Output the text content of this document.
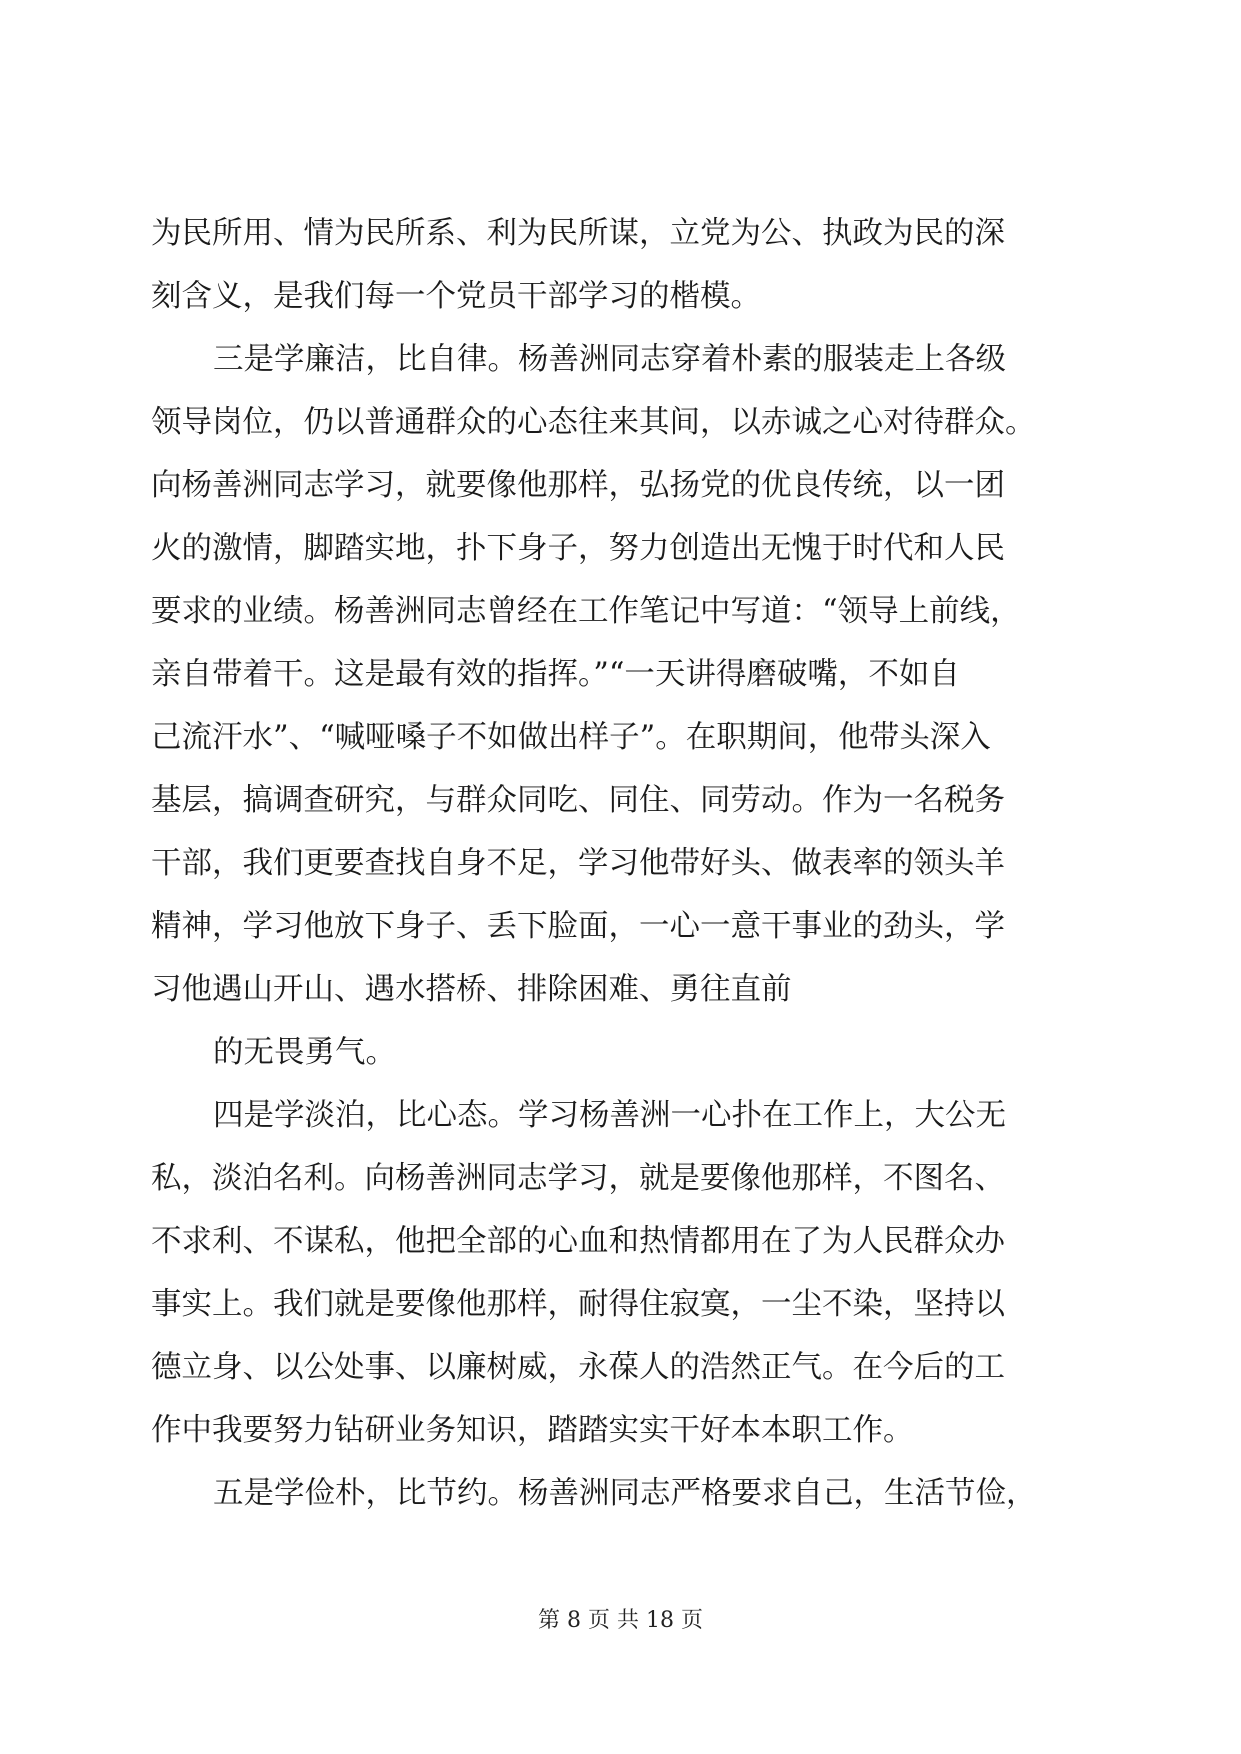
为民所用、情为民所系、利为民所谋，立党为公、执政为民的深
刻含义，是我们每一个党员干部学习的楷模。
三是学廉洁，比自律。杨善洲同志穿着朴素的服装走上各级
领导岗位，仍以普通群众的心态往来其间，以赤诚之心对待群众。
向杨善洲同志学习，就要像他那样，弘扬党的优良传统，以一团
火的激情，脚踏实地，扑下身子，努力创造出无愧于时代和人民
要求的业绩。杨善洲同志曾经在工作笔记中写道：“领导上前线，
亲自带着干。这是最有效的指挥。”“一天讲得磨破嘴，不如自
己流汗水”、“喊哑嗓子不如做出样子”。在职期间，他带头深入
基层，搞调查研究，与群众同吃、同住、同劳动。作为一名税务
干部，我们更要查找自身不足，学习他带好头、做表率的领头羊
精神，学习他放下身子、丢下脸面，一心一意干事业的劲头，学
习他遇山开山、遇水搭桥、排除困难、勇往直前
的无畏勇气。
四是学淡泊，比心态。学习杨善洲一心扑在工作上，大公无
私，淡泊名利。向杨善洲同志学习，就是要像他那样，不图名、
不求利、不谋私，他把全部的心血和热情都用在了为人民群众办
事实上。我们就是要像他那样，耐得住寂寞，一尘不染，坚持以
德立身、以公处事、以廉树威，永葆人的浩然正气。在今后的工
作中我要努力钻研业务知识，踏踏实实干好本本职工作。
五是学俭朴，比节约。杨善洲同志严格要求自己，生活节俭，
第 8 页 共 18 页
